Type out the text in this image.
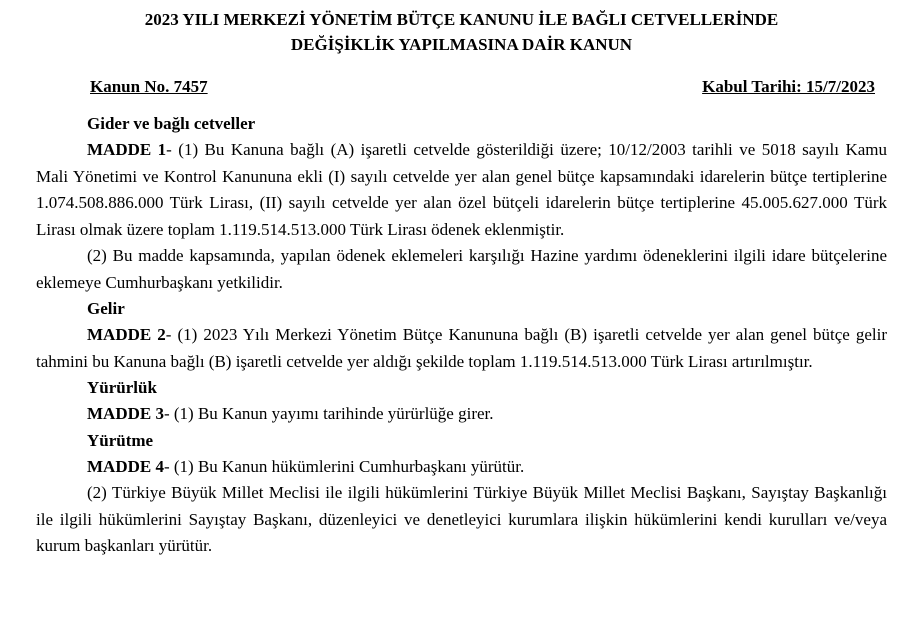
2023 YILI MERKEZİ YÖNETİM BÜTÇE KANUNU İLE BAĞLI CETVELLERİNDE
DEĞİŞİKLİK YAPILMASINA DAİR KANUN
Kanun No. 7457	Kabul Tarihi: 15/7/2023
Gider ve bağlı cetveller

MADDE 1- (1) Bu Kanuna bağlı (A) işaretli cetvelde gösterildiği üzere; 10/12/2003 tarihli ve 5018 sayılı Kamu Mali Yönetimi ve Kontrol Kanununa ekli (I) sayılı cetvelde yer alan genel bütçe kapsamındaki idarelerin bütçe tertiplerine 1.074.508.886.000 Türk Lirası, (II) sayılı cetvelde yer alan özel bütçeli idarelerin bütçe tertiplerine 45.005.627.000 Türk Lirası olmak üzere toplam 1.119.514.513.000 Türk Lirası ödenek eklenmiştir.

(2) Bu madde kapsamında, yapılan ödenek eklemeleri karşılığı Hazine yardımı ödeneklerini ilgili idare bütçelerine eklemeye Cumhurbaşkanı yetkilidir.

Gelir

MADDE 2- (1) 2023 Yılı Merkezi Yönetim Bütçe Kanununa bağlı (B) işaretli cetvelde yer alan genel bütçe gelir tahmini bu Kanuna bağlı (B) işaretli cetvelde yer aldığı şekilde toplam 1.119.514.513.000 Türk Lirası artırılmıştır.

Yürürlük

MADDE 3- (1) Bu Kanun yayımı tarihinde yürürlüğe girer.

Yürütme

MADDE 4- (1) Bu Kanun hükümlerini Cumhurbaşkanı yürütür.

(2) Türkiye Büyük Millet Meclisi ile ilgili hükümlerini Türkiye Büyük Millet Meclisi Başkanı, Sayıştay Başkanlığı ile ilgili hükümlerini Sayıştay Başkanı, düzenleyici ve denetleyici kurumlara ilişkin hükümlerini kendi kurulları ve/veya kurum başkanları yürütür.
